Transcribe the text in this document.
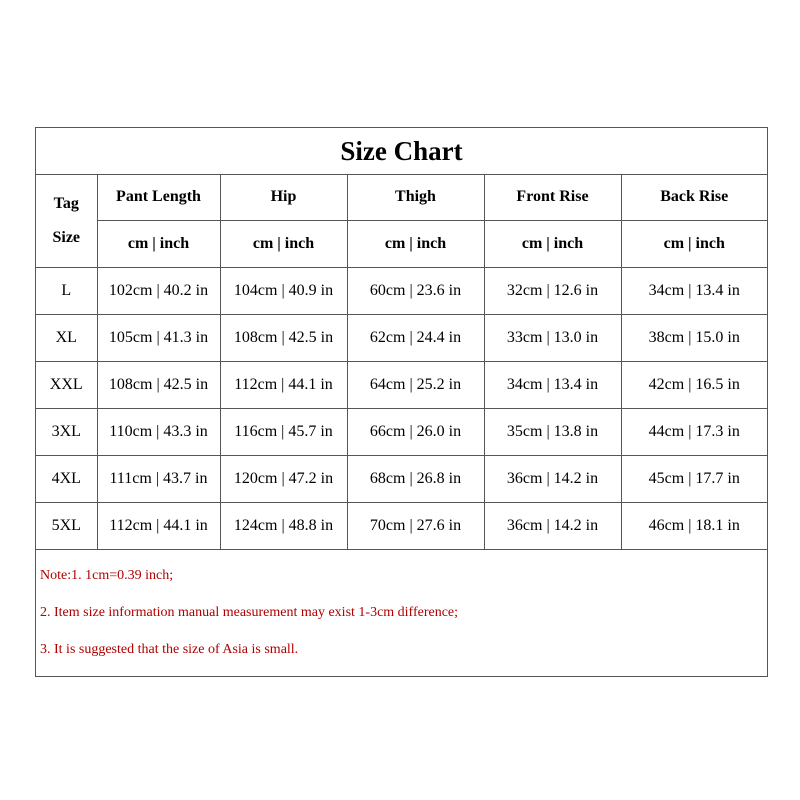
Size Chart
Tag
Size	Pant Length	Hip	Thigh	Front Rise	Back Rise
	cm | inch	cm | inch	cm | inch	cm | inch	cm | inch
L	102cm | 40.2 in	104cm | 40.9 in	60cm | 23.6 in	32cm | 12.6 in	34cm | 13.4 in
XL	105cm | 41.3 in	108cm | 42.5 in	62cm | 24.4 in	33cm | 13.0 in	38cm | 15.0 in
XXL	108cm | 42.5 in	112cm | 44.1 in	64cm | 25.2 in	34cm | 13.4 in	42cm | 16.5 in
3XL	110cm | 43.3 in	116cm | 45.7 in	66cm | 26.0 in	35cm | 13.8 in	44cm | 17.3 in
4XL	111cm | 43.7 in	120cm | 47.2 in	68cm | 26.8 in	36cm | 14.2 in	45cm | 17.7 in
5XL	112cm | 44.1 in	124cm | 48.8 in	70cm | 27.6 in	36cm | 14.2 in	46cm | 18.1 in
Note:1. 1cm=0.39 inch;
2. Item size information manual measurement may exist 1-3cm difference;
3. It is suggested that the size of Asia is small.
